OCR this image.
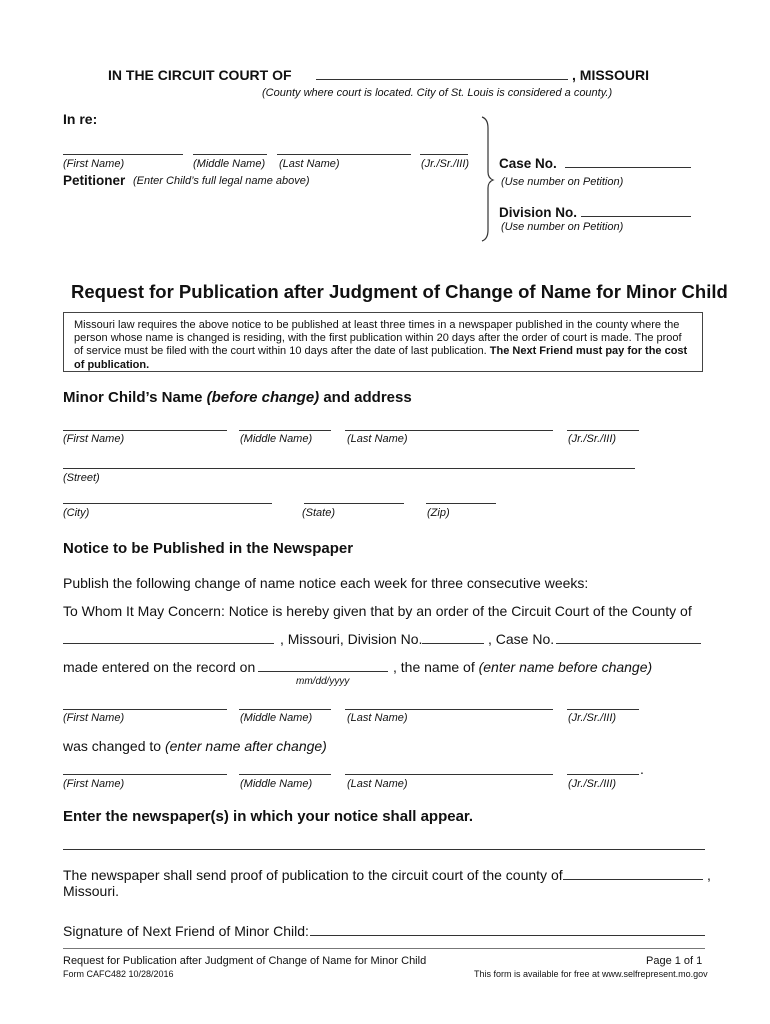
IN THE CIRCUIT COURT OF	, MISSOURI
(County where court is located. City of St. Louis is considered a county.)
In re:
(First Name)	(Middle Name) (Last Name)	(Jr./Sr./III)
Petitioner (Enter Child’s full legal name above)
Case No.
(Use number on Petition)
Division No.
(Use number on Petition)
Request for Publication after Judgment of Change of Name for Minor Child
Missouri law requires the above notice to be published at least three times in a newspaper published in the county where the person whose name is changed is residing, with the first publication within 20 days after the order of court is made. The proof of service must be filed with the court within 10 days after the date of last publication. The Next Friend must pay for the cost of publication.
Minor Child’s Name (before change) and address
(First Name)	(Middle Name)	(Last Name)	(Jr./Sr./III)
(Street)
(City)	(State)	(Zip)
Notice to be Published in the Newspaper
Publish the following change of name notice each week for three consecutive weeks:
To Whom It May Concern: Notice is hereby given that by an order of the Circuit Court of the County of
, Missouri, Division No.	, Case No.
made entered on the record on	, the name of (enter name before change)
mm/dd/yyyy
(First Name)	(Middle Name)	(Last Name)	(Jr./Sr./III)
was changed to (enter name after change)
.
(First Name)	(Middle Name)	(Last Name)	(Jr./Sr./III)
Enter the newspaper(s) in which your notice shall appear.
The newspaper shall send proof of publication to the circuit court of the county of	,
Missouri.
Signature of Next Friend of Minor Child:
Request for Publication after Judgment of Change of Name for Minor Child
Form CAFC482 10/28/2016
Page 1 of 1
This form is available for free at www.selfrepresent.mo.gov
